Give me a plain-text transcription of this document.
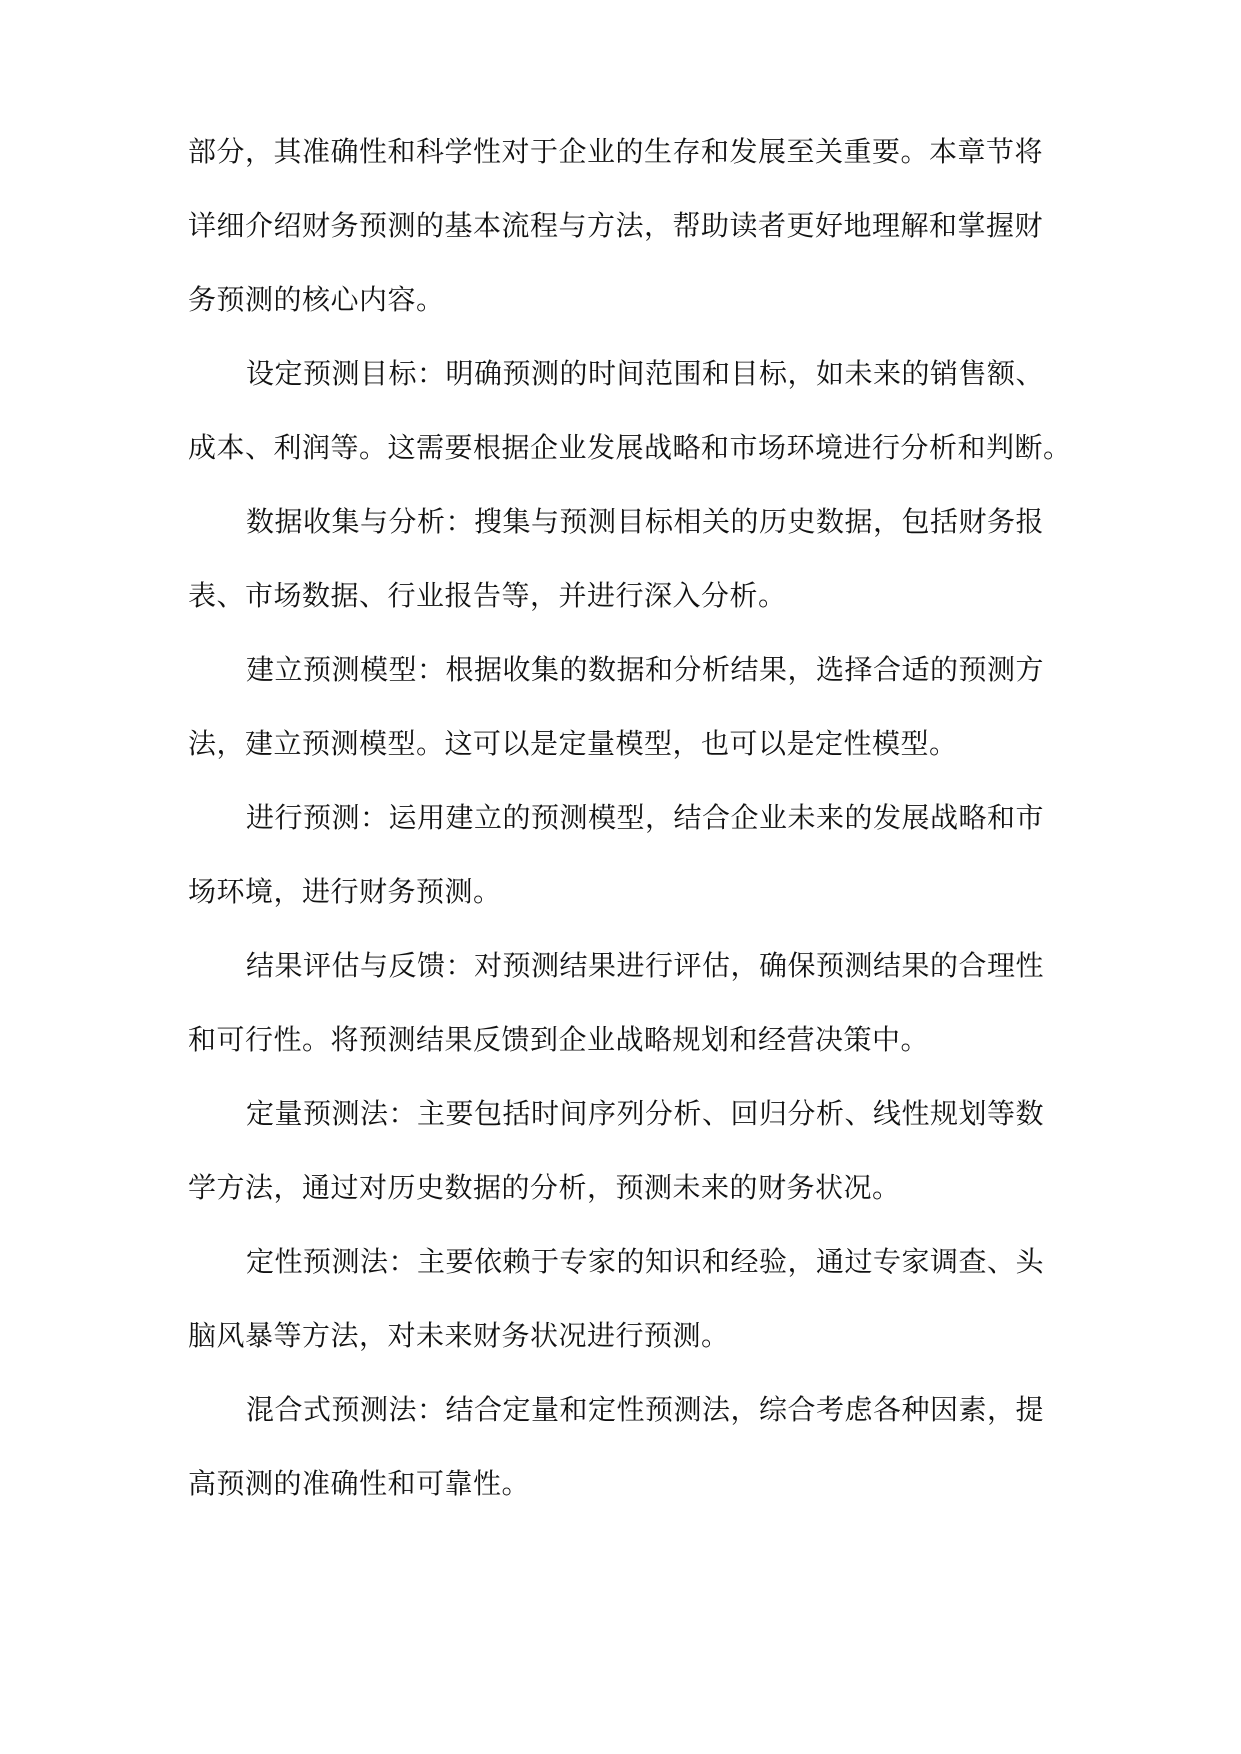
部分，其准确性和科学性对于企业的生存和发展至关重要。本章节将
详细介绍财务预测的基本流程与方法，帮助读者更好地理解和掌握财
务预测的核心内容。
设定预测目标：明确预测的时间范围和目标，如未来的销售额、
成本、利润等。这需要根据企业发展战略和市场环境进行分析和判断。
数据收集与分析：搜集与预测目标相关的历史数据，包括财务报
表、市场数据、行业报告等，并进行深入分析。
建立预测模型：根据收集的数据和分析结果，选择合适的预测方
法，建立预测模型。这可以是定量模型，也可以是定性模型。
进行预测：运用建立的预测模型，结合企业未来的发展战略和市
场环境，进行财务预测。
结果评估与反馈：对预测结果进行评估，确保预测结果的合理性
和可行性。将预测结果反馈到企业战略规划和经营决策中。
定量预测法：主要包括时间序列分析、回归分析、线性规划等数
学方法，通过对历史数据的分析，预测未来的财务状况。
定性预测法：主要依赖于专家的知识和经验，通过专家调查、头
脑风暴等方法，对未来财务状况进行预测。
混合式预测法：结合定量和定性预测法，综合考虑各种因素，提
高预测的准确性和可靠性。
